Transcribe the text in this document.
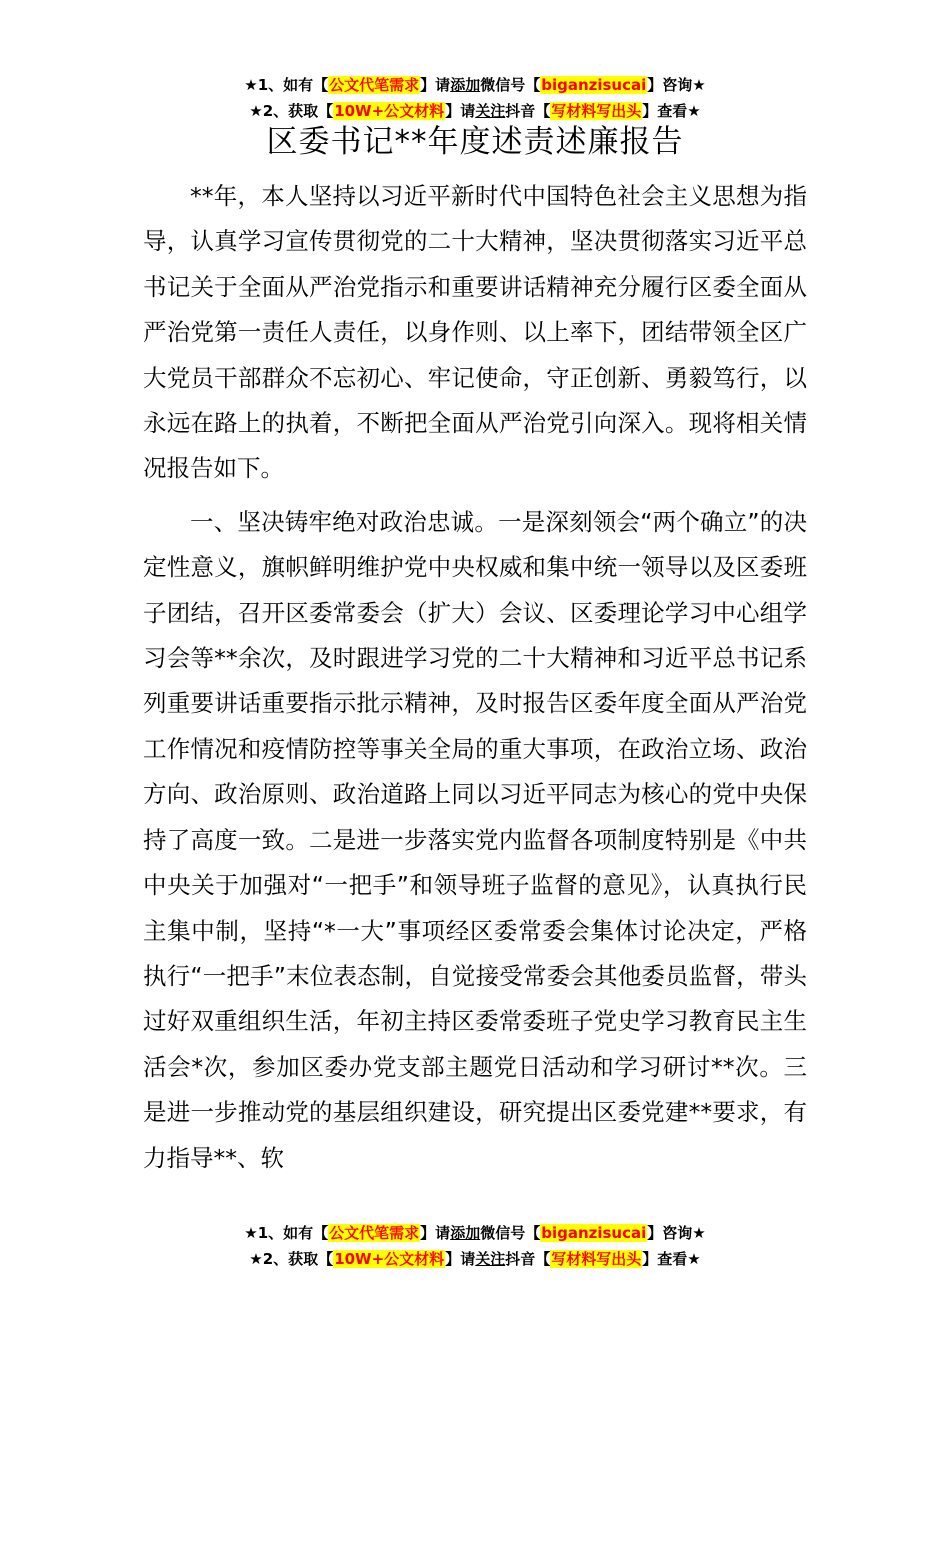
★1、如有【公文代笔需求】请添加微信号【biganzisucai】咨询★
★2、获取【10W+公文材料】请关注抖音【写材料写出头】查看★
区委书记**年度述责述廉报告

**年，本人坚持以习近平新时代中国特色社会主义思想为指导，认真学习宣传贯彻党的二十大精神，坚决贯彻落实习近平总书记关于全面从严治党指示和重要讲话精神充分履行区委全面从严治党第一责任人责任，以身作则、以上率下，团结带领全区广大党员干部群众不忘初心、牢记使命，守正创新、勇毅笃行，以永远在路上的执着，不断把全面从严治党引向深入。现将相关情况报告如下。

一、坚决铸牢绝对政治忠诚。一是深刻领会“两个确立”的决定性意义，旗帜鲜明维护党中央权威和集中统一领导以及区委班子团结，召开区委常委会（扩大）会议、区委理论学习中心组学习会等**余次，及时跟进学习党的二十大精神和习近平总书记系列重要讲话重要指示批示精神，及时报告区委年度全面从严治党工作情况和疫情防控等事关全局的重大事项，在政治立场、政治方向、政治原则、政治道路上同以习近平同志为核心的党中央保持了高度一致。二是进一步落实党内监督各项制度特别是《中共中央关于加强对“一把手”和领导班子监督的意见》，认真执行民主集中制，坚持“*一大”事项经区委常委会集体讨论决定，严格执行“一把手”末位表态制，自觉接受常委会其他委员监督，带头过好双重组织生活，年初主持区委常委班子党史学习教育民主生活会*次，参加区委办党支部主题党日活动和学习研讨**次。三是进一步推动党的基层组织建设，研究提出区委党建**要求，有力指导**、软

★1、如有【公文代笔需求】请添加微信号【biganzisucai】咨询★
★2、获取【10W+公文材料】请关注抖音【写材料写出头】查看★
